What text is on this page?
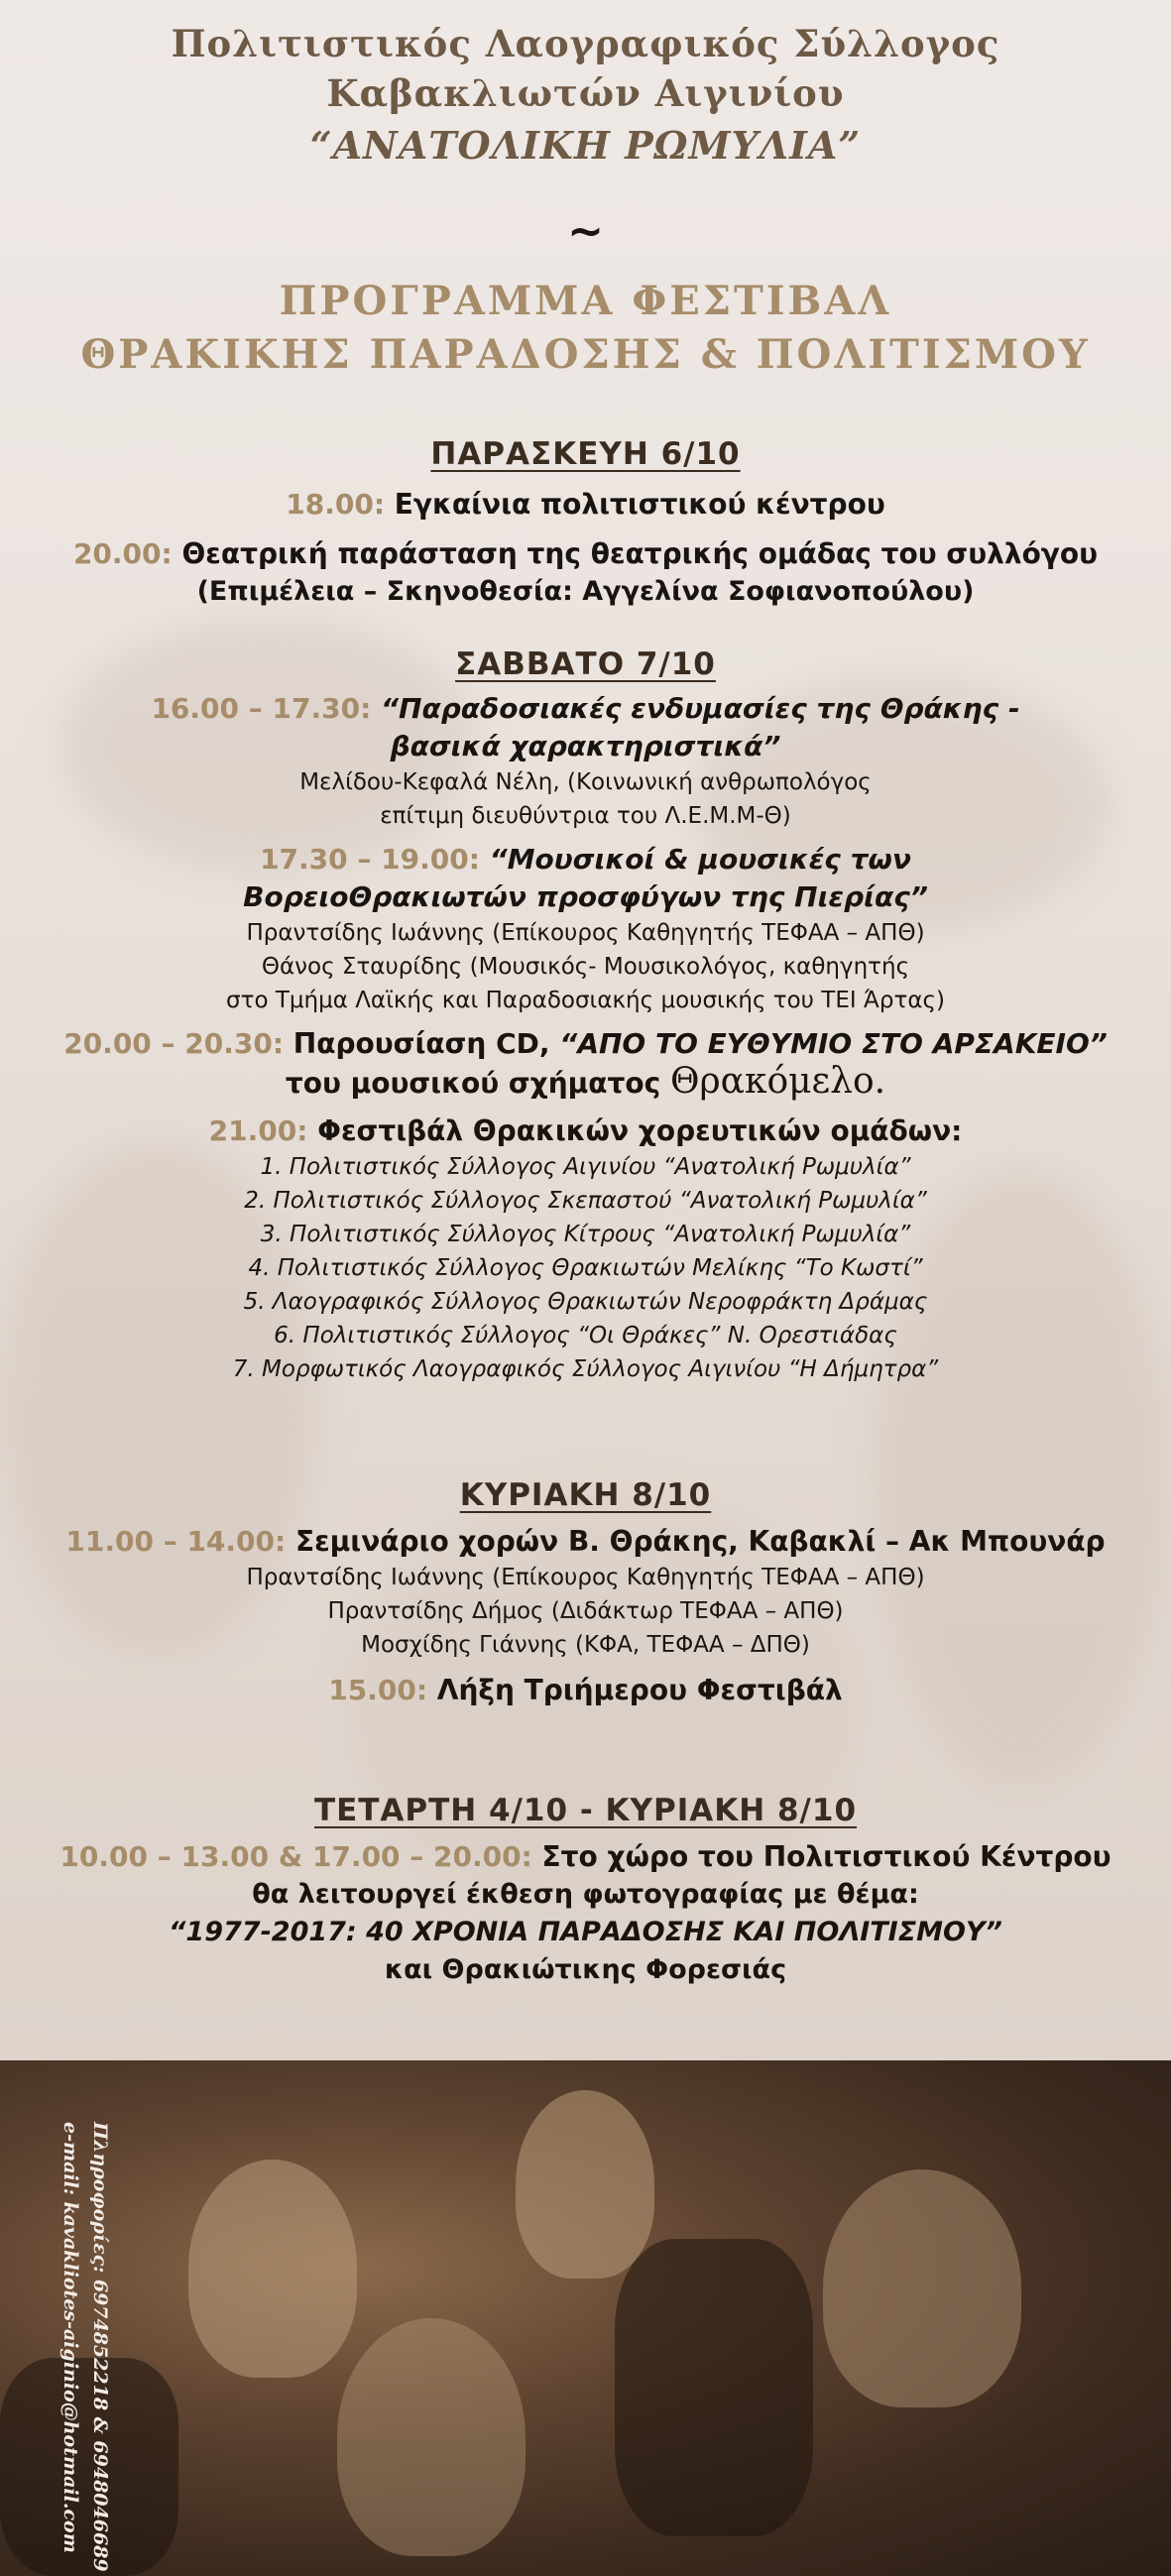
Πληροφορίες: 6974852218 & 6948046689
e-mail: kavakliotes-aiginio@hotmail.com
Πολιτιστικός Λαογραφικός Σύλλογος
Καβακλιωτών Αιγινίου
“ΑΝΑΤΟΛΙΚΗ ΡΩΜΥΛΙΑ”
~
ΠΡΟΓΡΑΜΜΑ ΦΕΣΤΙΒΑΛ
ΘΡΑΚΙΚΗΣ ΠΑΡΑΔΟΣΗΣ & ΠΟΛΙΤΙΣΜΟΥ
ΠΑΡΑΣΚΕΥΗ 6/10
18.00: Εγκαίνια πολιτιστικού κέντρου
20.00: Θεατρική παράσταση της θεατρικής ομάδας του συλλόγου
(Επιμέλεια – Σκηνοθεσία: Αγγελίνα Σοφιανοπούλου)
ΣΑΒΒΑΤΟ 7/10
16.00 – 17.30: “Παραδοσιακές ενδυμασίες της Θράκης -
βασικά χαρακτηριστικά”
Μελίδου-Κεφαλά Νέλη, (Κοινωνική ανθρωπολόγος
επίτιμη διευθύντρια του Λ.Ε.Μ.Μ-Θ)
17.30 – 19.00: “Μουσικοί & μουσικές των
ΒορειοΘρακιωτών προσφύγων της Πιερίας”
Πραντσίδης Ιωάννης (Επίκουρος Καθηγητής ΤΕΦΑΑ – ΑΠΘ)
Θάνος Σταυρίδης (Μουσικός- Μουσικολόγος, καθηγητής
στο Τμήμα Λαϊκής και Παραδοσιακής μουσικής του ΤΕΙ Άρτας)
20.00 – 20.30: Παρουσίαση CD, “ΑΠΟ ΤΟ ΕΥΘΥΜΙΟ ΣΤΟ ΑΡΣΑΚΕΙΟ”
του μουσικού σχήματος Θρακόμελο.
21.00: Φεστιβάλ Θρακικών χορευτικών ομάδων:
1. Πολιτιστικός Σύλλογος Αιγινίου “Ανατολική Ρωμυλία”
2. Πολιτιστικός Σύλλογος Σκεπαστού “Ανατολική Ρωμυλία”
3. Πολιτιστικός Σύλλογος Κίτρους “Ανατολική Ρωμυλία”
4. Πολιτιστικός Σύλλογος Θρακιωτών Μελίκης “Το Κωστί”
5. Λαογραφικός Σύλλογος Θρακιωτών Νεροφράκτη Δράμας
6. Πολιτιστικός Σύλλογος “Οι Θράκες” Ν. Ορεστιάδας
7. Μορφωτικός Λαογραφικός Σύλλογος Αιγινίου “Η Δήμητρα”
ΚΥΡΙΑΚΗ 8/10
11.00 – 14.00: Σεμινάριο χορών Β. Θράκης, Καβακλί – Ακ Μπουνάρ
Πραντσίδης Ιωάννης (Επίκουρος Καθηγητής ΤΕΦΑΑ – ΑΠΘ)
Πραντσίδης Δήμος (Διδάκτωρ ΤΕΦΑΑ – ΑΠΘ)
Μοσχίδης Γιάννης (ΚΦΑ, ΤΕΦΑΑ – ΔΠΘ)
15.00: Λήξη Τριήμερου Φεστιβάλ
ΤΕΤΑΡΤΗ 4/10 - ΚΥΡΙΑΚΗ 8/10
10.00 – 13.00 & 17.00 – 20.00: Στο χώρο του Πολιτιστικού Κέντρου
θα λειτουργεί έκθεση φωτογραφίας με θέμα:
“1977-2017: 40 ΧΡΟΝΙΑ ΠΑΡΑΔΟΣΗΣ ΚΑΙ ΠΟΛΙΤΙΣΜΟΥ”
και Θρακιώτικης Φορεσιάς
